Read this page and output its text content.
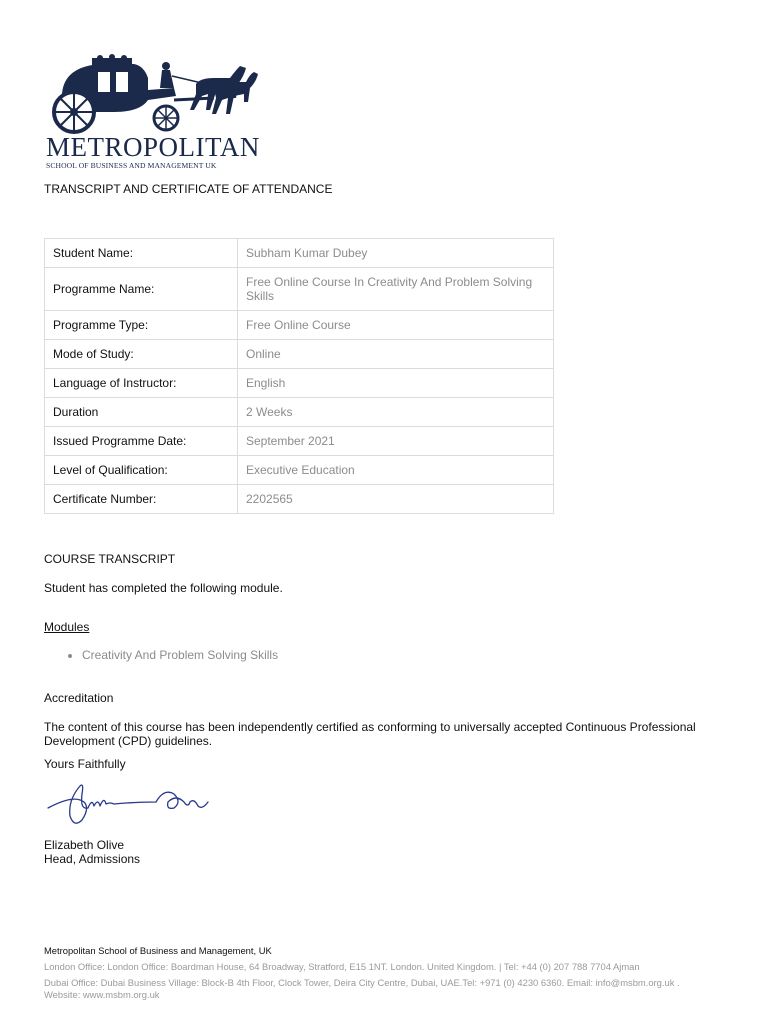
METROPOLITAN
SCHOOL OF BUSINESS AND MANAGEMENT UK
TRANSCRIPT AND CERTIFICATE OF ATTENDANCE
Student Name:	Subham Kumar Dubey
Programme Name:	Free Online Course In Creativity And Problem Solving Skills
Programme Type:	Free Online Course
Mode of Study:	Online
Language of Instructor:	English
Duration	2 Weeks
Issued Programme Date:	September 2021
Level of Qualification:	Executive Education
Certificate Number:	2202565
COURSE TRANSCRIPT
Student has completed the following module.
Modules
• Creativity And Problem Solving Skills
Accreditation
The content of this course has been independently certified as conforming to universally accepted Continuous Professional Development (CPD) guidelines.
Yours Faithfully
Elizabeth Olive
Head, Admissions
Metropolitan School of Business and Management, UK
London Office: London Office: Boardman House, 64 Broadway, Stratford, E15 1NT. London. United Kingdom. | Tel: +44 (0) 207 788 7704 Ajman
Dubai Office: Dubai Business Village: Block-B 4th Floor, Clock Tower, Deira City Centre, Dubai, UAE.Tel: +971 (0) 4230 6360. Email: info@msbm.org.uk .
Website: www.msbm.org.uk
